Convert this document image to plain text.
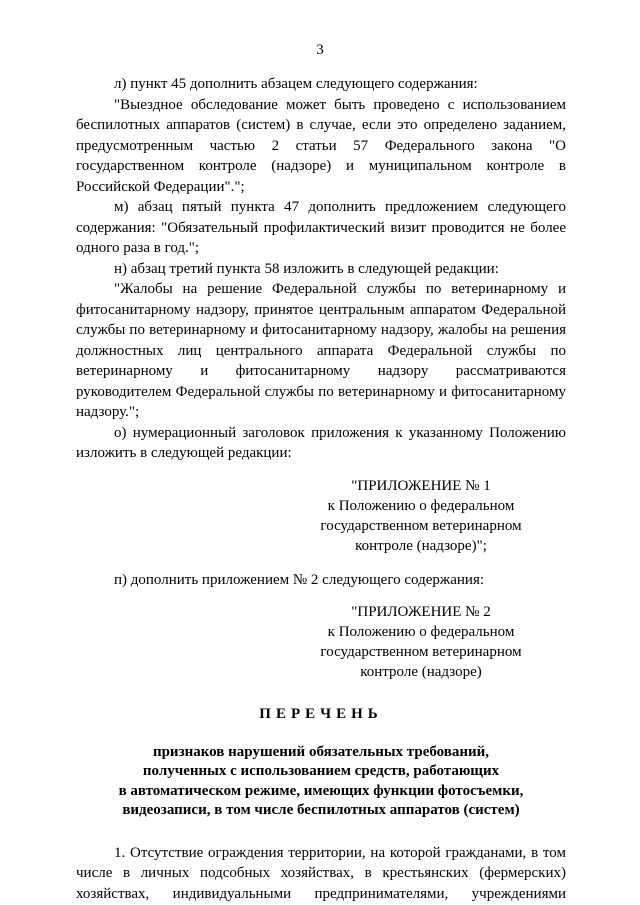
3

л) пункт 45 дополнить абзацем следующего содержания:

"Выездное обследование может быть проведено с использованием беспилотных аппаратов (систем) в случае, если это определено заданием, предусмотренным частью 2 статьи 57 Федерального закона "О государственном контроле (надзоре) и муниципальном контроле в Российской Федерации".";

м) абзац пятый пункта 47 дополнить предложением следующего содержания: "Обязательный профилактический визит проводится не более одного раза в год.";

н) абзац третий пункта 58 изложить в следующей редакции:

"Жалобы на решение Федеральной службы по ветеринарному и фитосанитарному надзору, принятое центральным аппаратом Федеральной службы по ветеринарному и фитосанитарному надзору, жалобы на решения должностных лиц центрального аппарата Федеральной службы по ветеринарному и фитосанитарному надзору рассматриваются руководителем Федеральной службы по ветеринарному и фитосанитарному надзору.";

о) нумерационный заголовок приложения к указанному Положению изложить в следующей редакции:

"ПРИЛОЖЕНИЕ № 1
к Положению о федеральном
государственном ветеринарном
контроле (надзоре)";

п) дополнить приложением № 2 следующего содержания:

"ПРИЛОЖЕНИЕ № 2
к Положению о федеральном
государственном ветеринарном
контроле (надзоре)
ПЕРЕЧЕНЬ
признаков нарушений обязательных требований,
полученных с использованием средств, работающих
в автоматическом режиме, имеющих функции фотосъемки,
видеозаписи, в том числе беспилотных аппаратов (систем)

1. Отсутствие ограждения территории, на которой гражданами, в том числе в личных подсобных хозяйствах, в крестьянских (фермерских) хозяйствах, индивидуальными предпринимателями, учреждениями
